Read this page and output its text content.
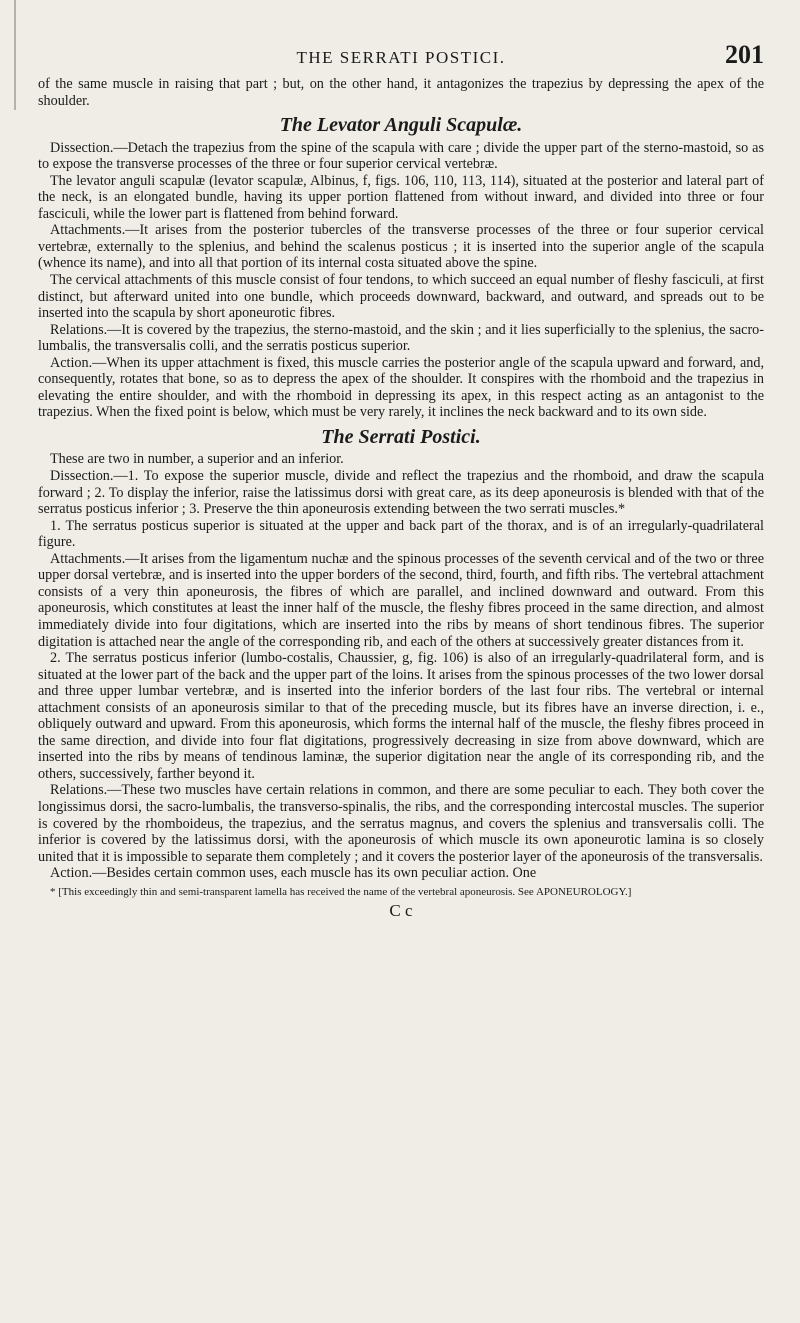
THE SERRATI POSTICI.	201

of the same muscle in raising that part ; but, on the other hand, it antagonizes the trapezius by depressing the apex of the shoulder.

The Levator Anguli Scapulæ.

Dissection.—Detach the trapezius from the spine of the scapula with care ; divide the upper part of the sterno-mastoid, so as to expose the transverse processes of the three or four superior cervical vertebræ.

The levator anguli scapulæ (levator scapulæ, Albinus, f, figs. 106, 110, 113, 114), situated at the posterior and lateral part of the neck, is an elongated bundle, having its upper portion flattened from without inward, and divided into three or four fasciculi, while the lower part is flattened from behind forward.

Attachments.—It arises from the posterior tubercles of the transverse processes of the three or four superior cervical vertebræ, externally to the splenius, and behind the scalenus posticus ; it is inserted into the superior angle of the scapula (whence its name), and into all that portion of its internal costa situated above the spine.

The cervical attachments of this muscle consist of four tendons, to which succeed an equal number of fleshy fasciculi, at first distinct, but afterward united into one bundle, which proceeds downward, backward, and outward, and spreads out to be inserted into the scapula by short aponeurotic fibres.

Relations.—It is covered by the trapezius, the sterno-mastoid, and the skin ; and it lies superficially to the splenius, the sacro-lumbalis, the transversalis colli, and the serratis posticus superior.

Action.—When its upper attachment is fixed, this muscle carries the posterior angle of the scapula upward and forward, and, consequently, rotates that bone, so as to depress the apex of the shoulder. It conspires with the rhomboid and the trapezius in elevating the entire shoulder, and with the rhomboid in depressing its apex, in this respect acting as an antagonist to the trapezius. When the fixed point is below, which must be very rarely, it inclines the neck backward and to its own side.

The Serrati Postici.

These are two in number, a superior and an inferior.

Dissection.—1. To expose the superior muscle, divide and reflect the trapezius and the rhomboid, and draw the scapula forward ; 2. To display the inferior, raise the latissimus dorsi with great care, as its deep aponeurosis is blended with that of the serratus posticus inferior ; 3. Preserve the thin aponeurosis extending between the two serrati muscles.*

1. The serratus posticus superior is situated at the upper and back part of the thorax, and is of an irregularly-quadrilateral figure.

Attachments.—It arises from the ligamentum nuchæ and the spinous processes of the seventh cervical and of the two or three upper dorsal vertebræ, and is inserted into the upper borders of the second, third, fourth, and fifth ribs. The vertebral attachment consists of a very thin aponeurosis, the fibres of which are parallel, and inclined downward and outward. From this aponeurosis, which constitutes at least the inner half of the muscle, the fleshy fibres proceed in the same direction, and almost immediately divide into four digitations, which are inserted into the ribs by means of short tendinous fibres. The superior digitation is attached near the angle of the corresponding rib, and each of the others at successively greater distances from it.

2. The serratus posticus inferior (lumbo-costalis, Chaussier, g, fig. 106) is also of an irregularly-quadrilateral form, and is situated at the lower part of the back and the upper part of the loins. It arises from the spinous processes of the two lower dorsal and three upper lumbar vertebræ, and is inserted into the inferior borders of the last four ribs. The vertebral or internal attachment consists of an aponeurosis similar to that of the preceding muscle, but its fibres have an inverse direction, i. e., obliquely outward and upward. From this aponeurosis, which forms the internal half of the muscle, the fleshy fibres proceed in the same direction, and divide into four flat digitations, progressively decreasing in size from above downward, which are inserted into the ribs by means of tendinous laminæ, the superior digitation near the angle of its corresponding rib, and the others, successively, farther beyond it.

Relations.—These two muscles have certain relations in common, and there are some peculiar to each. They both cover the longissimus dorsi, the sacro-lumbalis, the transverso-spinalis, the ribs, and the corresponding intercostal muscles. The superior is covered by the rhomboideus, the trapezius, and the serratus magnus, and covers the splenius and transversalis colli. The inferior is covered by the latissimus dorsi, with the aponeurosis of which muscle its own aponeurotic lamina is so closely united that it is impossible to separate them completely ; and it covers the posterior layer of the aponeurosis of the transversalis.

Action.—Besides certain common uses, each muscle has its own peculiar action. One

* [This exceedingly thin and semi-transparent lamella has received the name of the vertebral aponeurosis. See APONEUROLOGY.]
C c
